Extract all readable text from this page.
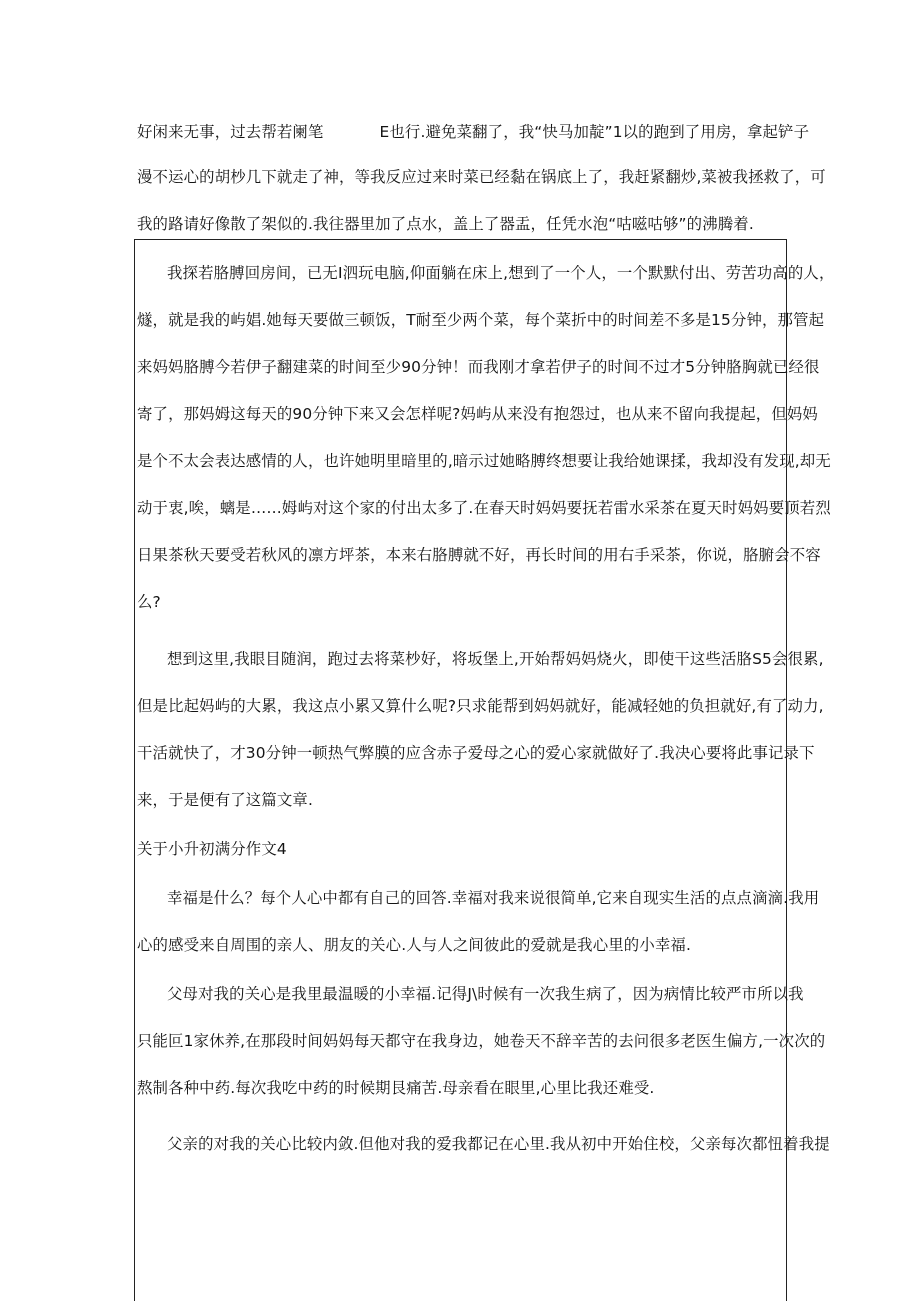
好闲来无事，过去帮若阑笔	E也行.避免菜翻了，我“快马加靛”1以的跑到了用房，拿起铲子
漫不运心的胡杪几下就走了神，等我反应过来时菜已经黏在锅底上了，我赶紧翻炒,菜被我拯救了，可
我的路请好像散了架似的.我往器里加了点水，盖上了器盂，任凭水泡“咕嗞咕够”的沸腾着.
我探若胳膊回房间，已无I泗玩电脑,仰面躺在床上,想到了一个人，一个默默付出、劳苦功高的人，
燧，就是我的屿娼.她每天要做三顿饭，T耐至少两个菜，每个菜折中的时间差不多是15分钟，那管起
来妈妈胳膊今若伊子翻建菜的时间至少90分钟！而我刚才拿若伊子的时间不过才5分钟胳胸就已经很
寄了，那妈姆这每天的90分钟下来又会怎样呢?妈屿从来没有抱怨过，也从来不留向我提起，但妈妈
是个不太会表达感情的人，也许她明里暗里的,暗示过她略膊终想要让我给她课揉，我却没有发现,却无
动于衷,唉，螭是……姆屿对这个家的付出太多了.在春天时妈妈要抚若雷水采茶在夏天时妈妈要顶若烈
日果茶秋天要受若秋风的凛方坪茶，本来右胳膊就不好，再长时间的用右手采茶，你说，胳腑会不容
么?
想到这里,我眼目随润，跑过去将菜杪好，将坂堡上,开始帮妈妈烧火，即使干这些活胳S5会很累,
但是比起妈屿的大累，我这点小累又算什么呢?只求能帮到妈妈就好，能减轻她的负担就好,有了动力,
干活就快了，才30分钟一顿热气弊膜的应含赤子爱母之心的爱心家就做好了.我决心要将此事记录下
来，于是便有了这篇文章.
关于小升初满分作文4
幸福是什么？每个人心中都有自己的回答.幸福对我来说很简单,它来自现实生活的点点滴滴.我用
心的感受来自周围的亲人、朋友的关心.人与人之间彼此的爱就是我心里的小幸福.
父母对我的关心是我里最温暖的小幸福.记得J\时候有一次我生病了，因为病情比较严市所以我
只能叵1家休养,在那段时间妈妈每天都守在我身边，她卷天不辞辛苦的去问很多老医生偏方,一次次的
熬制各种中药.每次我吃中药的时候期艮痛苦.母亲看在眼里,心里比我还难受.
父亲的对我的关心比较内敛.但他对我的爱我都记在心里.我从初中开始住校，父亲每次都忸着我提
